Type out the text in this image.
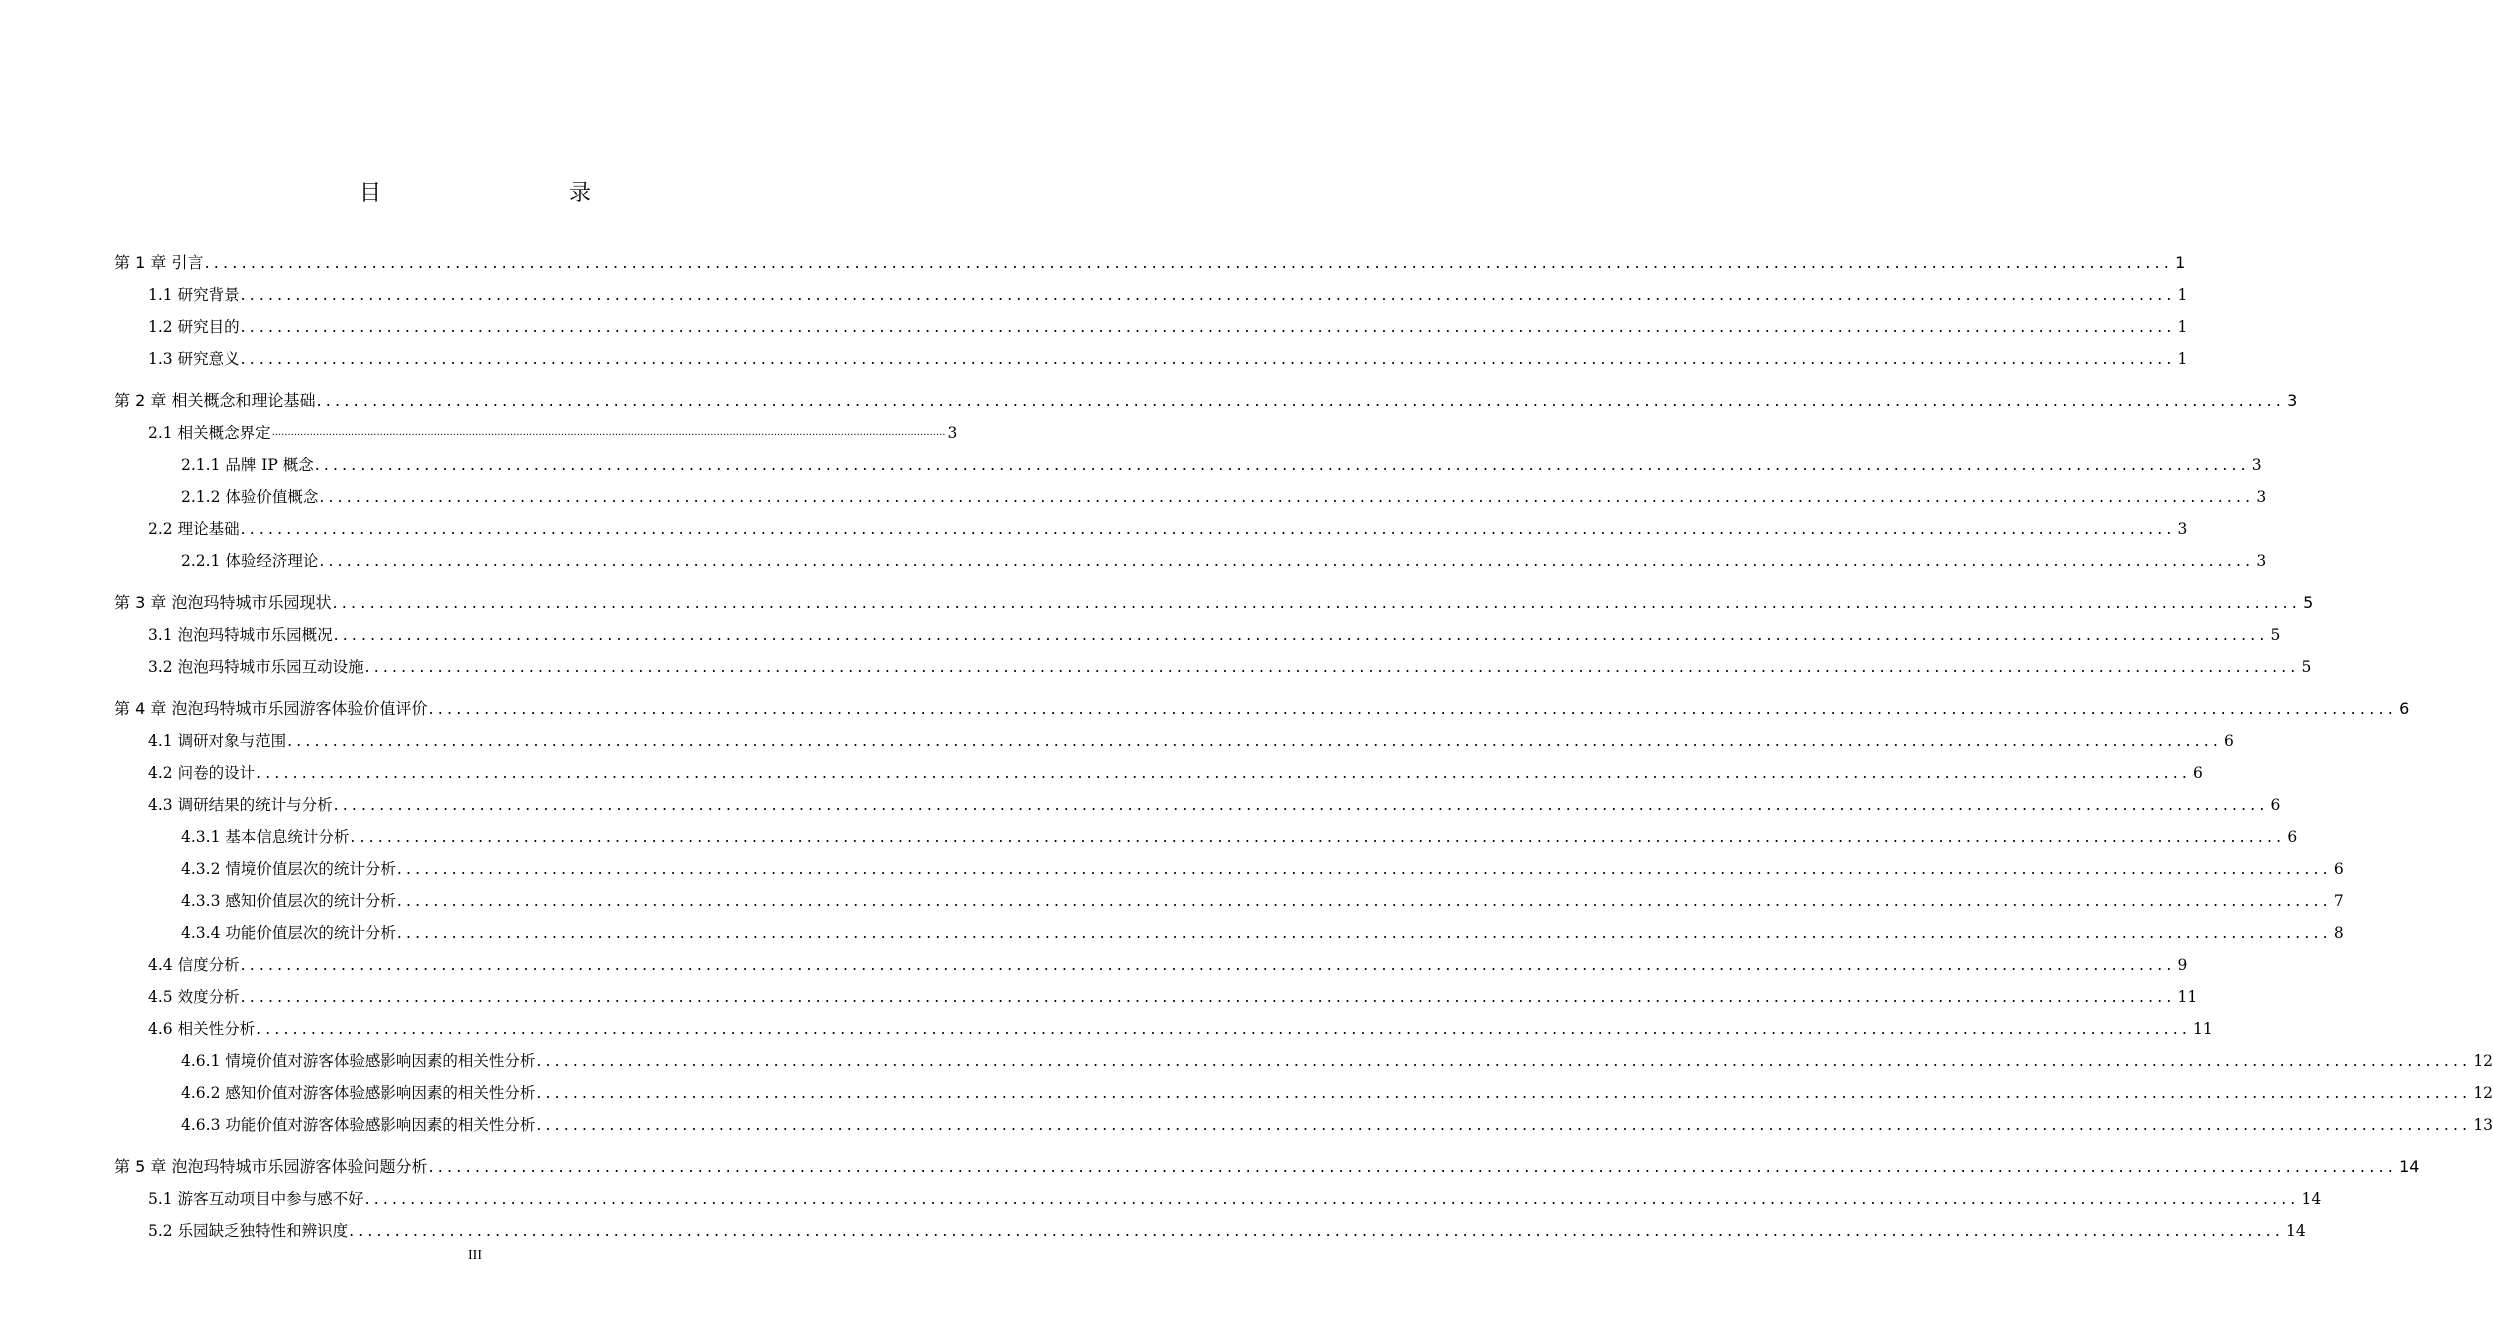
目　　录
第 1 章 引言 .................................................................................................................................................................................................................... 1
1.1 研究背景 .................................................................................................................................................................................................................... 1
1.2 研究目的 .................................................................................................................................................................................................................... 1
1.3 研究意义 .................................................................................................................................................................................................................... 1
第 2 章 相关概念和理论基础 .................................................................................................................................................................................................................... 3
2.1 相关概念界定 .................................................................................................................................................................................................................... 3
2.1.1 品牌 IP 概念 .................................................................................................................................................................................................................... 3
2.1.2 体验价值概念 .................................................................................................................................................................................................................... 3
2.2 理论基础 .................................................................................................................................................................................................................... 3
2.2.1 体验经济理论 .................................................................................................................................................................................................................... 3
第 3 章 泡泡玛特城市乐园现状 .................................................................................................................................................................................................................... 5
3.1 泡泡玛特城市乐园概况 .................................................................................................................................................................................................................... 5
3.2 泡泡玛特城市乐园互动设施 .................................................................................................................................................................................................................... 5
第 4 章 泡泡玛特城市乐园游客体验价值评价 .................................................................................................................................................................................................................... 6
4.1 调研对象与范围 .................................................................................................................................................................................................................... 6
4.2 问卷的设计 .................................................................................................................................................................................................................... 6
4.3 调研结果的统计与分析 .................................................................................................................................................................................................................... 6
4.3.1 基本信息统计分析 .................................................................................................................................................................................................................... 6
4.3.2 情境价值层次的统计分析 .................................................................................................................................................................................................................... 6
4.3.3 感知价值层次的统计分析 .................................................................................................................................................................................................................... 7
4.3.4 功能价值层次的统计分析 .................................................................................................................................................................................................................... 8
4.4 信度分析 .................................................................................................................................................................................................................... 9
4.5 效度分析 .................................................................................................................................................................................................................... 11
4.6 相关性分析 .................................................................................................................................................................................................................... 11
4.6.1 情境价值对游客体验感影响因素的相关性分析 .................................................................................................................................................................................................................... 12
4.6.2 感知价值对游客体验感影响因素的相关性分析 .................................................................................................................................................................................................................... 12
4.6.3 功能价值对游客体验感影响因素的相关性分析 .................................................................................................................................................................................................................... 13
第 5 章 泡泡玛特城市乐园游客体验问题分析 .................................................................................................................................................................................................................... 14
5.1 游客互动项目中参与感不好 .................................................................................................................................................................................................................... 14
5.2 乐园缺乏独特性和辨识度 .................................................................................................................................................................................................................... 14
III
